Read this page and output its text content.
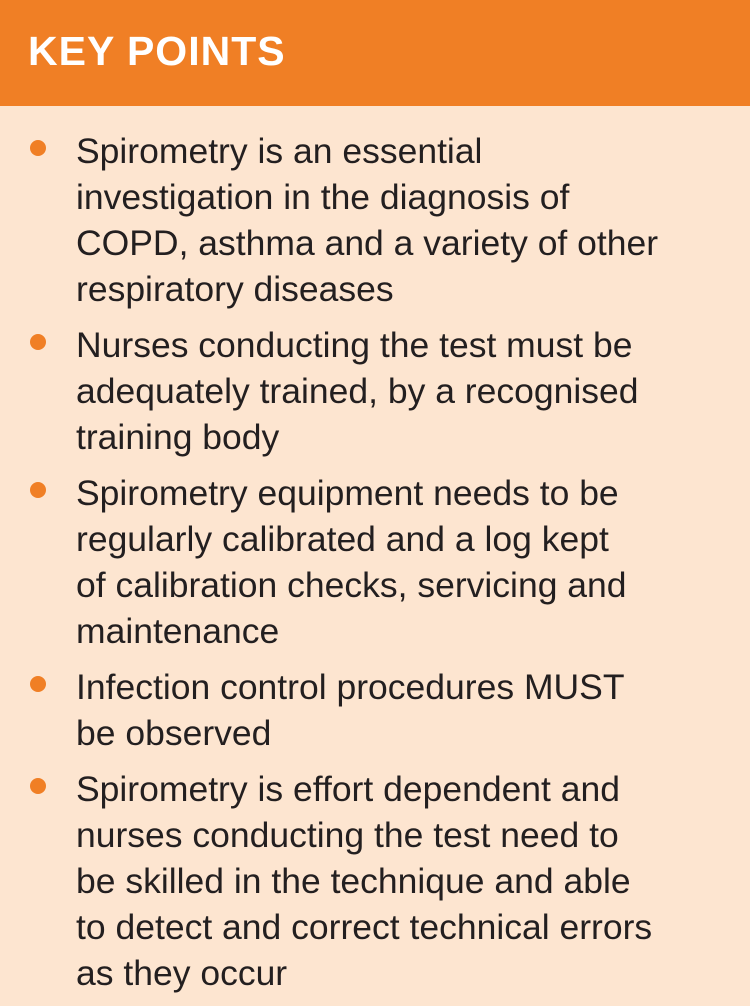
KEY POINTS
Spirometry is an essential
investigation in the diagnosis of
COPD, asthma and a variety of other
respiratory diseases
Nurses conducting the test must be
adequately trained, by a recognised
training body
Spirometry equipment needs to be
regularly calibrated and a log kept
of calibration checks, servicing and
maintenance
Infection control procedures MUST
be observed
Spirometry is effort dependent and
nurses conducting the test need to
be skilled in the technique and able
to detect and correct technical errors
as they occur
